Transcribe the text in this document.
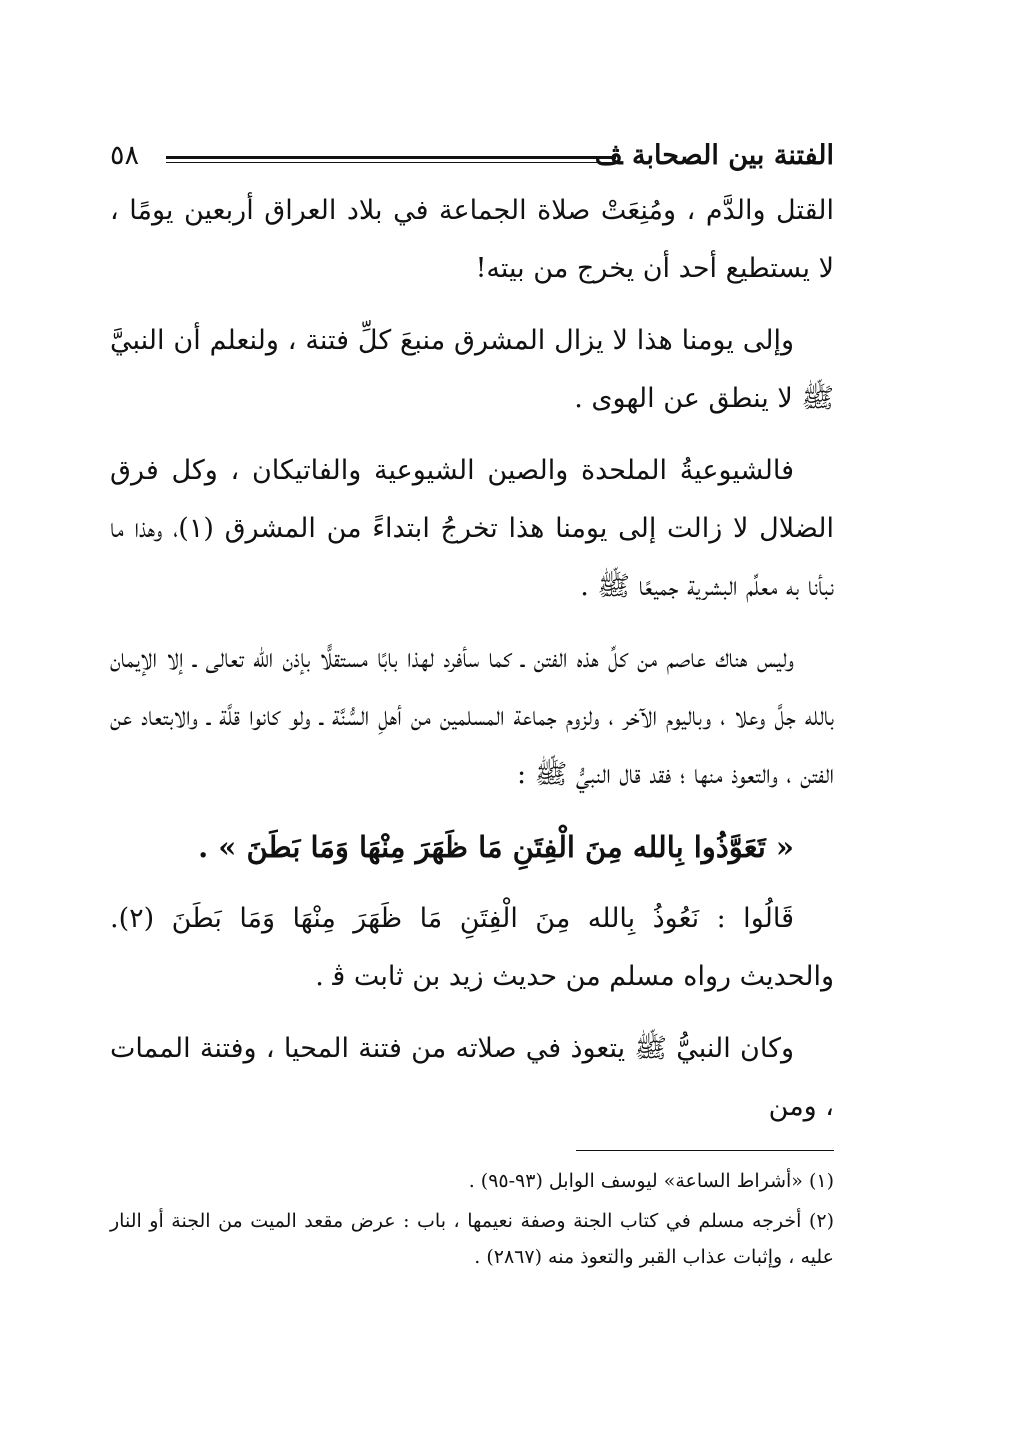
الفتنة بين الصحابة ﭫ
٥٨

القتل والدَّم ، ومُنِعَتْ صلاة الجماعة في بلاد العراق أربعين يومًا ، لا يستطيع أحد أن يخرج من بيته!

وإلى يومنا هذا لا يزال المشرق منبعَ كلِّ فتنة ، ولنعلم أن النبيَّ ﷺ لا ينطق عن الهوى .

فالشيوعيةُ الملحدة والصين الشيوعية والفاتيكان ، وكل فرق الضلال لا زالت إلى يومنا هذا تخرجُ ابتداءً من المشرق (١)، وهذا ما نبأنا به معلِّم البشرية جميعًا ﷺ .

وليس هناك عاصم من كلِّ هذه الفتن ـ كما سأفرد لهذا بابًا مستقلًّا بإذن الله تعالى ـ إلا الإيمان بالله جلَّ وعلا ، وباليوم الآخر ، ولزوم جماعة المسلمين من أهلِ السُّنَّة ـ ولو كانوا قلَّة ـ والابتعاد عن الفتن ، والتعوذ منها ؛ فقد قال النبيُّ ﷺ :

« تَعَوَّذُوا بِالله مِنَ الْفِتَنِ مَا ظَهَرَ مِنْهَا وَمَا بَطَنَ » .

قَالُوا : نَعُوذُ بِالله مِنَ الْفِتَنِ مَا ظَهَرَ مِنْهَا وَمَا بَطَنَ (٢). والحديث رواه مسلم من حديث زيد بن ثابت ﭬ .

وكان النبيُّ ﷺ يتعوذ في صلاته من فتنة المحيا ، وفتنة الممات ، ومن

(١) «أشراط الساعة» ليوسف الوابل (٩٣-٩٥) .

(٢) أخرجه مسلم في كتاب الجنة وصفة نعيمها ، باب : عرض مقعد الميت من الجنة أو النار عليه ، وإثبات عذاب القبر والتعوذ منه (٢٨٦٧) .
